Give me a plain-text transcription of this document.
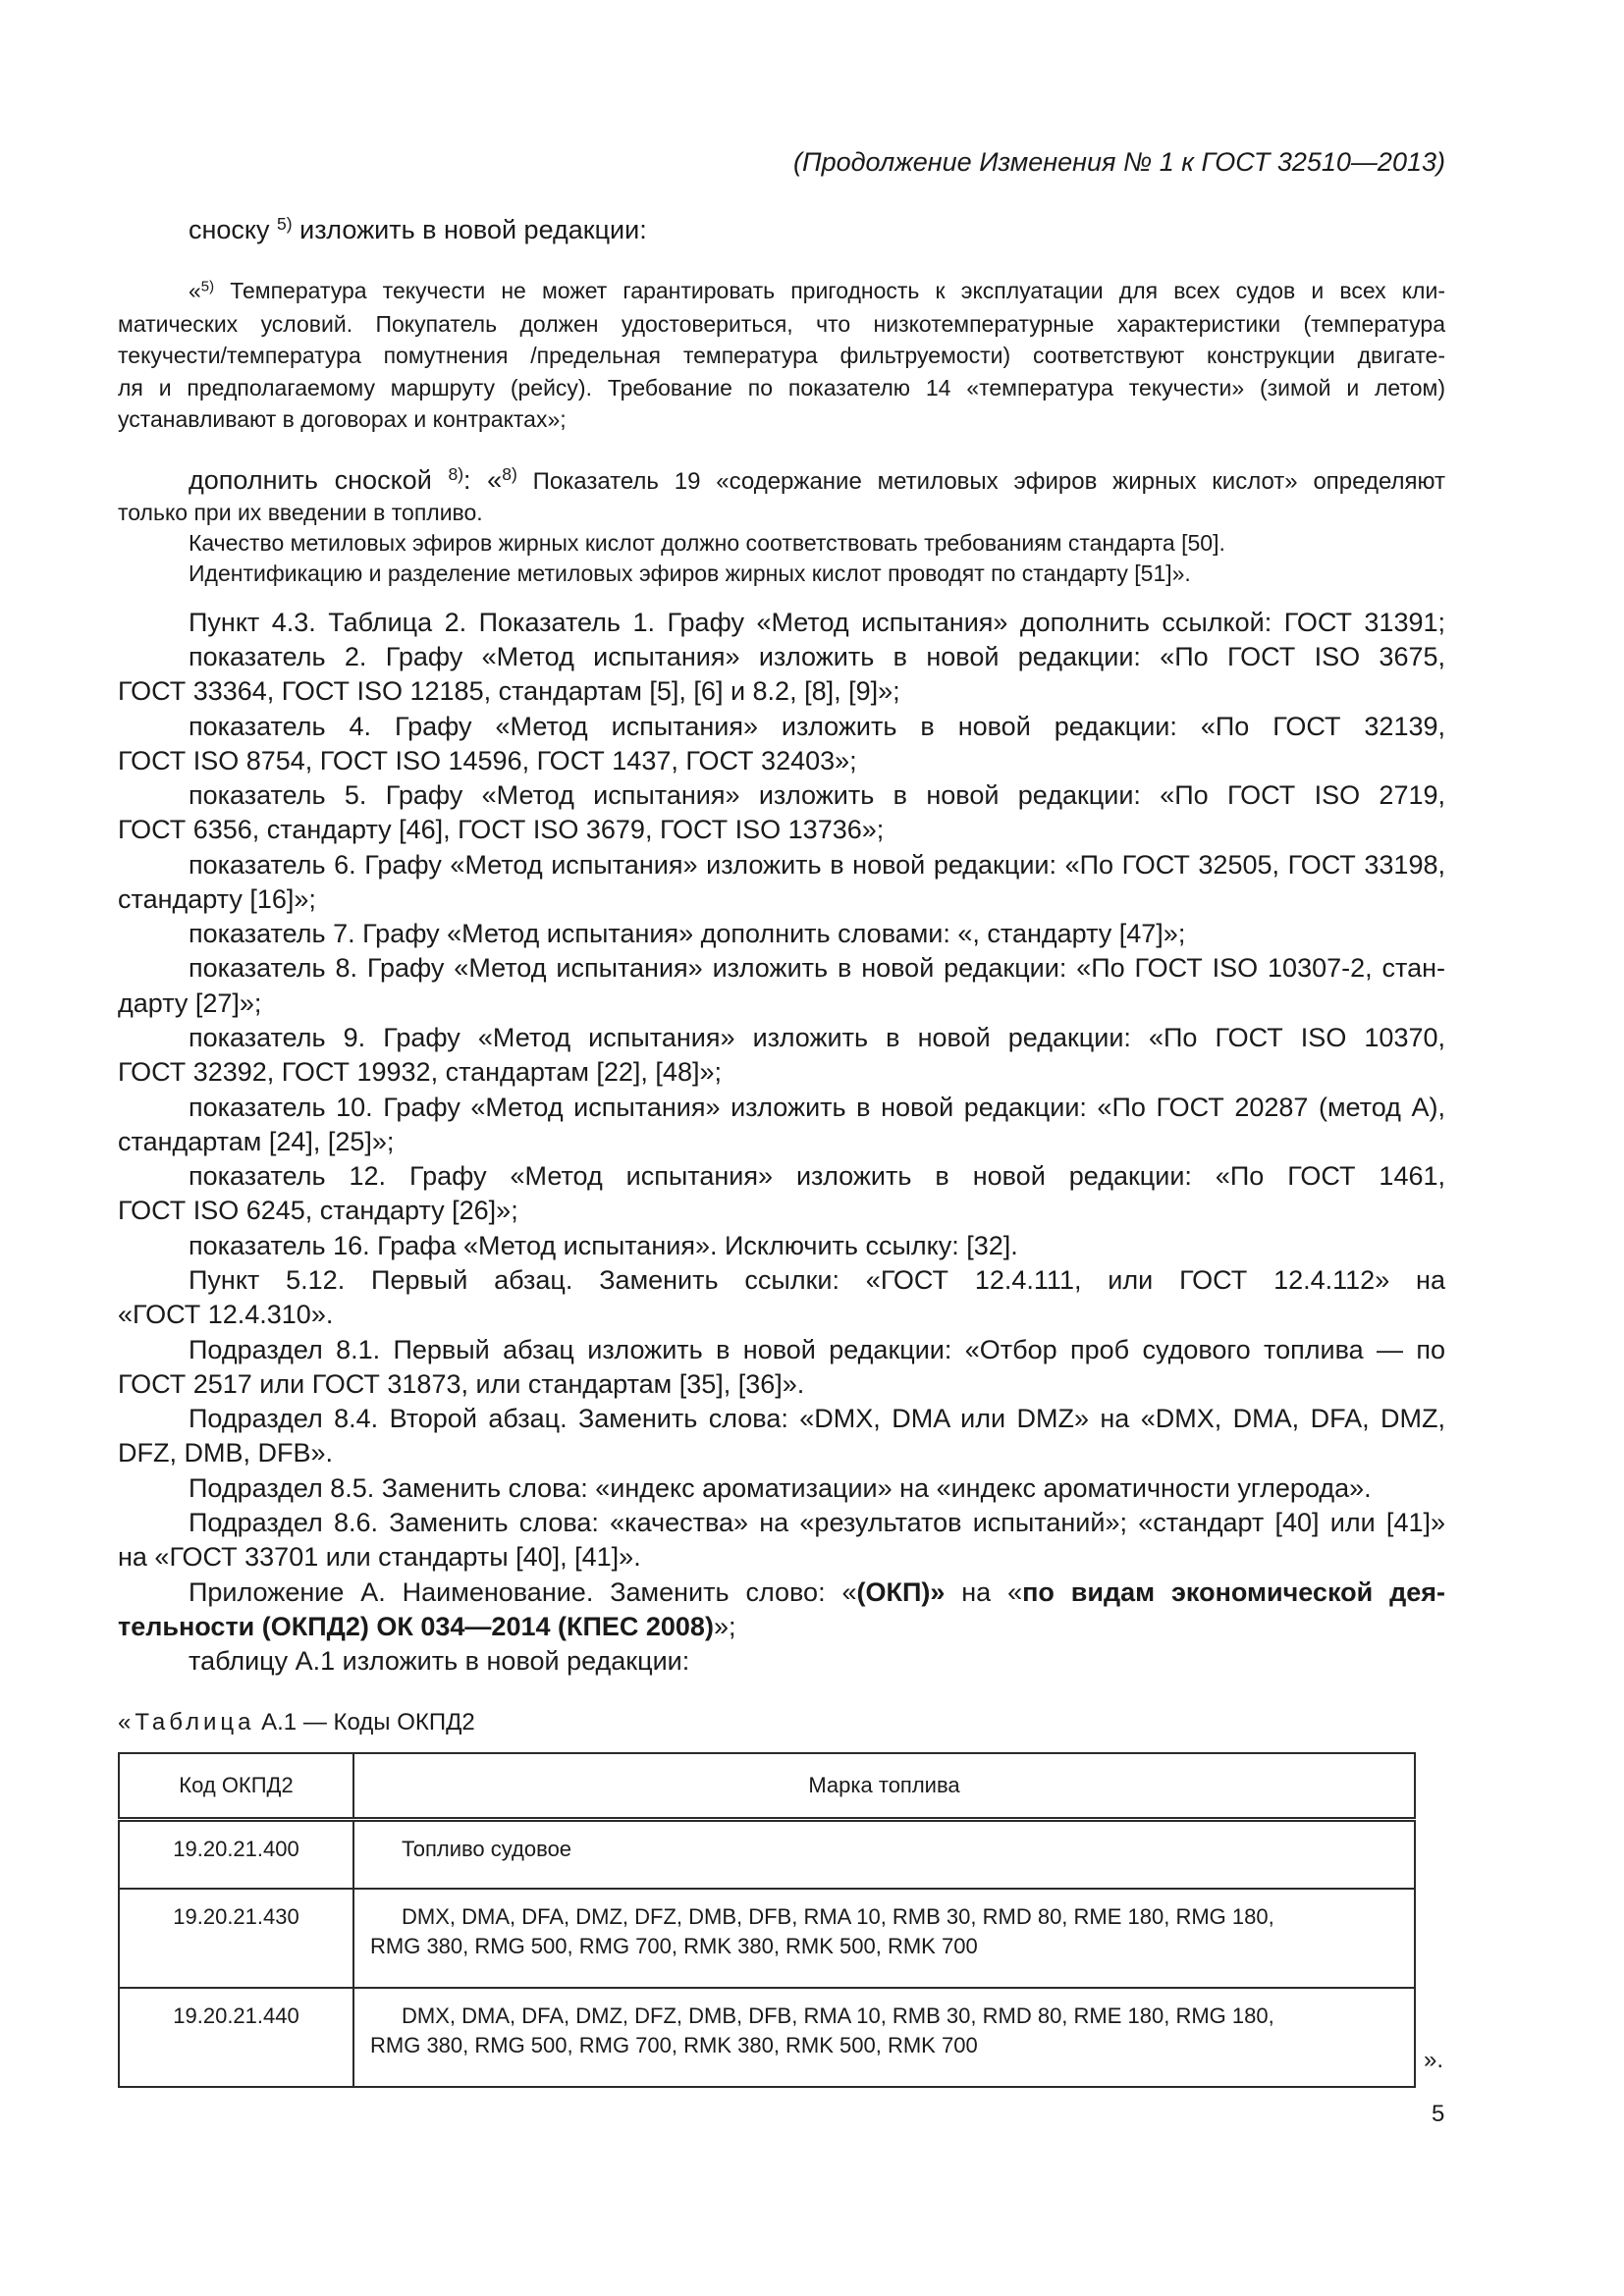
(Продолжение Изменения № 1 к ГОСТ 32510—2013)
сноску $^{5)}$ изложить в новой редакции:
«$^{5)}$ Температура текучести не может гарантировать пригодность к эксплуатации для всех судов и всех кли-
матических условий. Покупатель должен удостовериться, что низкотемпературные характеристики (температура
текучести/температура помутнения /предельная температура фильтруемости) соответствуют конструкции двигате-
ля и предполагаемому маршруту (рейсу). Требование по показателю 14 «температура текучести» (зимой и летом)
устанавливают в договорах и контрактах»;
дополнить сноской $^{8)}$: «$^{8)}$ Показатель 19 «содержание метиловых эфиров жирных кислот» определяют
только при их введении в топливо.
Качество метиловых эфиров жирных кислот должно соответствовать требованиям стандарта [50].
Идентификацию и разделение метиловых эфиров жирных кислот проводят по стандарту [51]».
Пункт 4.3. Таблица 2. Показатель 1. Графу «Метод испытания» дополнить ссылкой: ГОСТ 31391;
показатель 2. Графу «Метод испытания» изложить в новой редакции: «По ГОСТ ISO 3675,
ГОСТ 33364, ГОСТ ISO 12185, стандартам [5], [6] и 8.2, [8], [9]»;
показатель 4. Графу «Метод испытания» изложить в новой редакции: «По ГОСТ 32139,
ГОСТ ISO 8754, ГОСТ ISO 14596, ГОСТ 1437, ГОСТ 32403»;
показатель 5. Графу «Метод испытания» изложить в новой редакции: «По ГОСТ ISO 2719,
ГОСТ 6356, стандарту [46], ГОСТ ISO 3679, ГОСТ ISO 13736»;
показатель 6. Графу «Метод испытания» изложить в новой редакции: «По ГОСТ 32505, ГОСТ 33198,
стандарту [16]»;
показатель 7. Графу «Метод испытания» дополнить словами: «, стандарту [47]»;
показатель 8. Графу «Метод испытания» изложить в новой редакции: «По ГОСТ ISO 10307-2, стан-
дарту [27]»;
показатель 9. Графу «Метод испытания» изложить в новой редакции: «По ГОСТ ISO 10370,
ГОСТ 32392, ГОСТ 19932, стандартам [22], [48]»;
показатель 10. Графу «Метод испытания» изложить в новой редакции: «По ГОСТ 20287 (метод А),
стандартам [24], [25]»;
показатель 12. Графу «Метод испытания» изложить в новой редакции: «По ГОСТ 1461,
ГОСТ ISO 6245, стандарту [26]»;
показатель 16. Графа «Метод испытания». Исключить ссылку: [32].
Пункт 5.12. Первый абзац. Заменить ссылки: «ГОСТ 12.4.111, или ГОСТ 12.4.112» на
«ГОСТ 12.4.310».
Подраздел 8.1. Первый абзац изложить в новой редакции: «Отбор проб судового топлива — по
ГОСТ 2517 или ГОСТ 31873, или стандартам [35], [36]».
Подраздел 8.4. Второй абзац. Заменить слова: «DMX, DMA или DMZ» на «DMX, DMA, DFA, DMZ,
DFZ, DMB, DFB».
Подраздел 8.5. Заменить слова: «индекс ароматизации» на «индекс ароматичности углерода».
Подраздел 8.6. Заменить слова: «качества» на «результатов испытаний»; «стандарт [40] или [41]»
на «ГОСТ 33701 или стандарты [40], [41]».
Приложение А. Наименование. Заменить слово: «(ОКП)» на «по видам экономической дея-
тельности (ОКПД2) ОК 034—2014 (КПЕС 2008)»;
таблицу А.1 изложить в новой редакции:
«Таблица А.1 — Коды ОКПД2
Код ОКПД2	Марка топлива
19.20.21.400	Топливо судовое

19.20.21.430	DMX, DMA, DFA, DMZ, DFZ, DMB, DFB, RMA 10, RMB 30, RMD 80, RME 180, RMG 180,
RMG 380, RMG 500, RMG 700, RMK 380, RMK 500, RMK 700
19.20.21.440	DMX, DMA, DFA, DMZ, DFZ, DMB, DFB, RMA 10, RMB 30, RMD 80, RME 180, RMG 180,
RMG 380, RMG 500, RMG 700, RMK 380, RMK 500, RMK 700
».
5
